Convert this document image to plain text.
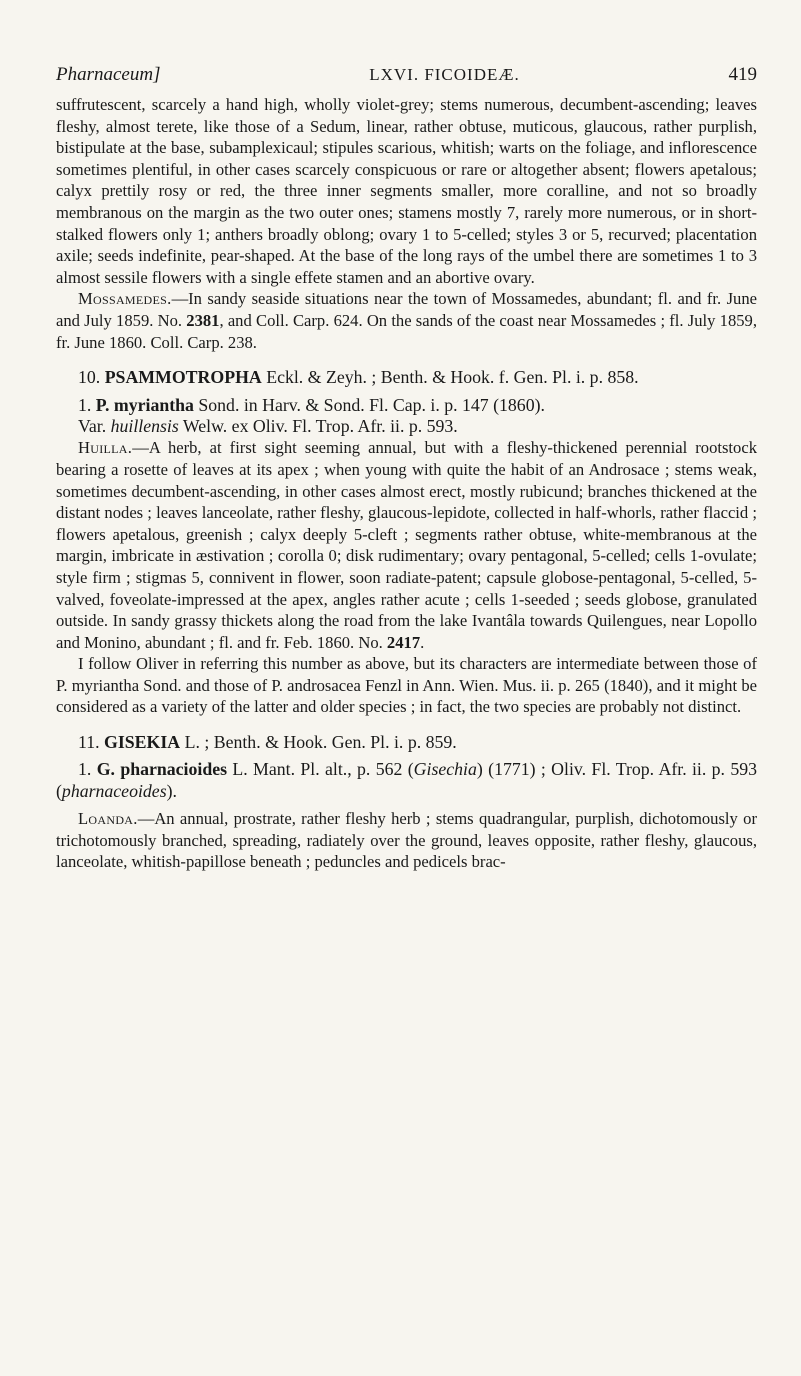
Pharnaceum]	LXVI. FICOIDEÆ.	419

suffrutescent, scarcely a hand high, wholly violet-grey; stems numerous, decumbent-ascending; leaves fleshy, almost terete, like those of a Sedum, linear, rather obtuse, muticous, glaucous, rather purplish, bistipulate at the base, subamplexicaul; stipules scarious, whitish; warts on the foliage, and inflorescence sometimes plentiful, in other cases scarcely conspicuous or rare or altogether absent; flowers apetalous; calyx prettily rosy or red, the three inner segments smaller, more coralline, and not so broadly membranous on the margin as the two outer ones; stamens mostly 7, rarely more numerous, or in short-stalked flowers only 1; anthers broadly oblong; ovary 1 to 5-celled; styles 3 or 5, recurved; placentation axile; seeds indefinite, pear-shaped. At the base of the long rays of the umbel there are sometimes 1 to 3 almost sessile flowers with a single effete stamen and an abortive ovary.

Mossamedes.—In sandy seaside situations near the town of Mossamedes, abundant; fl. and fr. June and July 1859. No. 2381, and Coll. Carp. 624. On the sands of the coast near Mossamedes ; fl. July 1859, fr. June 1860. Coll. Carp. 238.

10. PSAMMOTROPHA Eckl. & Zeyh. ; Benth. & Hook. f. Gen. Pl. i. p. 858.

1. P. myriantha Sond. in Harv. & Sond. Fl. Cap. i. p. 147 (1860).

Var. huillensis Welw. ex Oliv. Fl. Trop. Afr. ii. p. 593.

Huilla.—A herb, at first sight seeming annual, but with a fleshy-thickened perennial rootstock bearing a rosette of leaves at its apex ; when young with quite the habit of an Androsace ; stems weak, sometimes decumbent-ascending, in other cases almost erect, mostly rubicund; branches thickened at the distant nodes ; leaves lanceolate, rather fleshy, glaucous-lepidote, collected in half-whorls, rather flaccid ; flowers apetalous, greenish ; calyx deeply 5-cleft ; segments rather obtuse, white-membranous at the margin, imbricate in æstivation ; corolla 0; disk rudimentary; ovary pentagonal, 5-celled; cells 1-ovulate; style firm ; stigmas 5, connivent in flower, soon radiate-patent; capsule globose-pentagonal, 5-celled, 5-valved, foveolate-impressed at the apex, angles rather acute ; cells 1-seeded ; seeds globose, granulated outside. In sandy grassy thickets along the road from the lake Ivantâla towards Quilengues, near Lopollo and Monino, abundant ; fl. and fr. Feb. 1860. No. 2417.

I follow Oliver in referring this number as above, but its characters are intermediate between those of P. myriantha Sond. and those of P. androsacea Fenzl in Ann. Wien. Mus. ii. p. 265 (1840), and it might be considered as a variety of the latter and older species ; in fact, the two species are probably not distinct.

11. GISEKIA L. ; Benth. & Hook. Gen. Pl. i. p. 859.

1. G. pharnacioides L. Mant. Pl. alt., p. 562 (Gisechia) (1771) ; Oliv. Fl. Trop. Afr. ii. p. 593 (pharnaceoides).

Loanda.—An annual, prostrate, rather fleshy herb ; stems quadrangular, purplish, dichotomously or trichotomously branched, spreading, radiately over the ground, leaves opposite, rather fleshy, glaucous, lanceolate, whitish-papillose beneath ; peduncles and pedicels brac-
